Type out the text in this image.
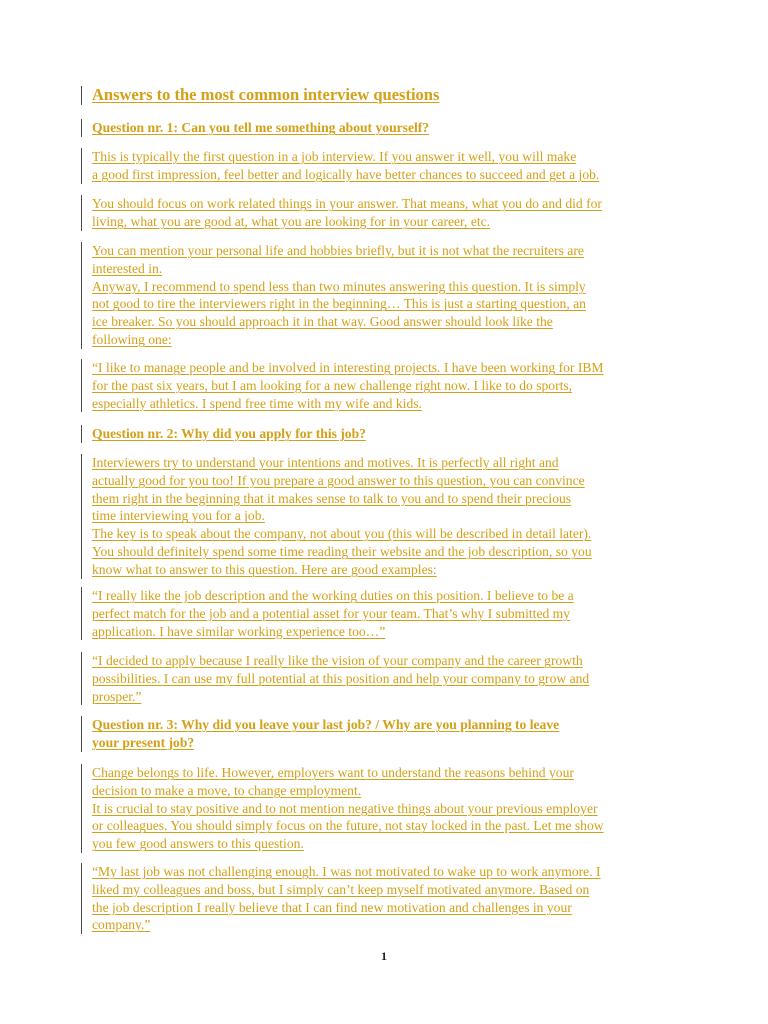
Answers to the most common interview questions
Question nr. 1: Can you tell me something about yourself?
This is typically the first question in a job interview. If you answer it well, you will make
a good first impression, feel better and logically have better chances to succeed and get a job.
You should focus on work related things in your answer. That means, what you do and did for
living, what you are good at, what you are looking for in your career, etc.
You can mention your personal life and hobbies briefly, but it is not what the recruiters are
interested in.
Anyway, I recommend to spend less than two minutes answering this question. It is simply
not good to tire the interviewers right in the beginning… This is just a starting question, an
ice breaker. So you should approach it in that way. Good answer should look like the
following one:
“I like to manage people and be involved in interesting projects. I have been working for IBM
for the past six years, but I am looking for a new challenge right now. I like to do sports,
especially athletics. I spend free time with my wife and kids.
Question nr. 2: Why did you apply for this job?
Interviewers try to understand your intentions and motives. It is perfectly all right and
actually good for you too! If you prepare a good answer to this question, you can convince
them right in the beginning that it makes sense to talk to you and to spend their precious
time interviewing you for a job.
The key is to speak about the company, not about you (this will be described in detail later).
You should definitely spend some time reading their website and the job description, so you
know what to answer to this question. Here are good examples:
“I really like the job description and the working duties on this position. I believe to be a
perfect match for the job and a potential asset for your team. That’s why I submitted my
application. I have similar working experience too…”
“I decided to apply because I really like the vision of your company and the career growth
possibilities. I can use my full potential at this position and help your company to grow and
prosper.”
Question nr. 3: Why did you leave your last job? / Why are you planning to leave
your present job?
Change belongs to life. However, employers want to understand the reasons behind your
decision to make a move, to change employment.
It is crucial to stay positive and to not mention negative things about your previous employer
or colleagues. You should simply focus on the future, not stay locked in the past. Let me show
you few good answers to this question.
“My last job was not challenging enough. I was not motivated to wake up to work anymore. I
liked my colleagues and boss, but I simply can’t keep myself motivated anymore. Based on
the job description I really believe that I can find new motivation and challenges in your
company.”
1
